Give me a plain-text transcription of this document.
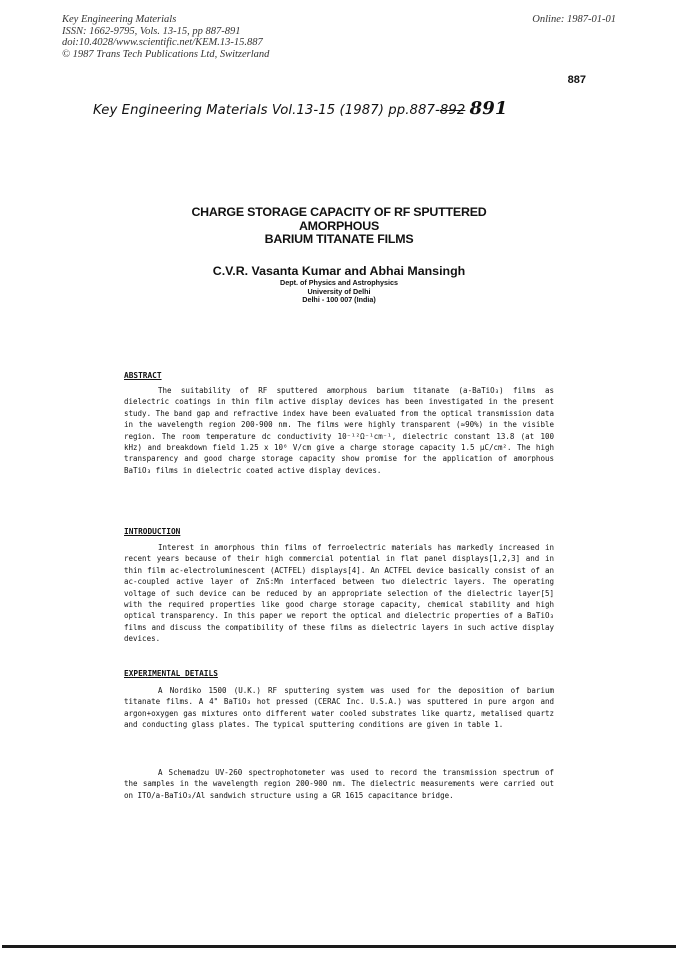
Key Engineering Materials
ISSN: 1662-9795, Vols. 13-15, pp 887-891
doi:10.4028/www.scientific.net/KEM.13-15.887
© 1987 Trans Tech Publications Ltd, Switzerland
Online: 1987-01-01
887
Key Engineering Materials Vol.13-15 (1987) pp.887-892 891
CHARGE STORAGE CAPACITY OF RF SPUTTERED
AMORPHOUS
BARIUM TITANATE FILMS
C.V.R. Vasanta Kumar and Abhai Mansingh
Dept. of Physics and Astrophysics
University of Delhi
Delhi - 100 007 (India)
ABSTRACT
The suitability of RF sputtered amorphous barium titanate (a-BaTiO₃) films as dielectric coatings in thin film active display devices has been investigated in the present study. The band gap and refractive index have been evaluated from the optical transmission data in the wavelength region 200-900 nm. The films were highly transparent (≈90%) in the visible region. The room temperature dc conductivity 10⁻¹²Ω⁻¹cm⁻¹, dielectric constant 13.8 (at 100 kHz) and breakdown field 1.25 x 10⁶ V/cm give a charge storage capacity 1.5 μC/cm². The high transparency and good charge storage capacity show promise for the application of amorphous BaTiO₃ films in dielectric coated active display devices.
INTRODUCTION
Interest in amorphous thin films of ferroelectric materials has markedly increased in recent years because of their high commercial potential in flat panel displays[1,2,3] and in thin film ac-electroluminescent (ACTFEL) displays[4]. An ACTFEL device basically consist of an ac-coupled active layer of ZnS:Mn interfaced between two dielectric layers. The operating voltage of such device can be reduced by an appropriate selection of the dielectric layer[5] with the required properties like good charge storage capacity, chemical stability and high optical transparency. In this paper we report the optical and dielectric properties of a BaTiO₃ films and discuss the compatibility of these films as dielectric layers in such active display devices.
EXPERIMENTAL DETAILS
A Nordiko 1500 (U.K.) RF sputtering system was used for the deposition of barium titanate films. A 4" BaTiO₃ hot pressed (CERAC Inc. U.S.A.) was sputtered in pure argon and argon+oxygen gas mixtures onto different water cooled substrates like quartz, metalised quartz and conducting glass plates. The typical sputtering conditions are given in table 1.
A Schemadzu UV-260 spectrophotometer was used to record the transmission spectrum of the samples in the wavelength region 200-900 nm. The dielectric measurements were carried out on ITO/a-BaTiO₃/Al sandwich structure using a GR 1615 capacitance bridge.
